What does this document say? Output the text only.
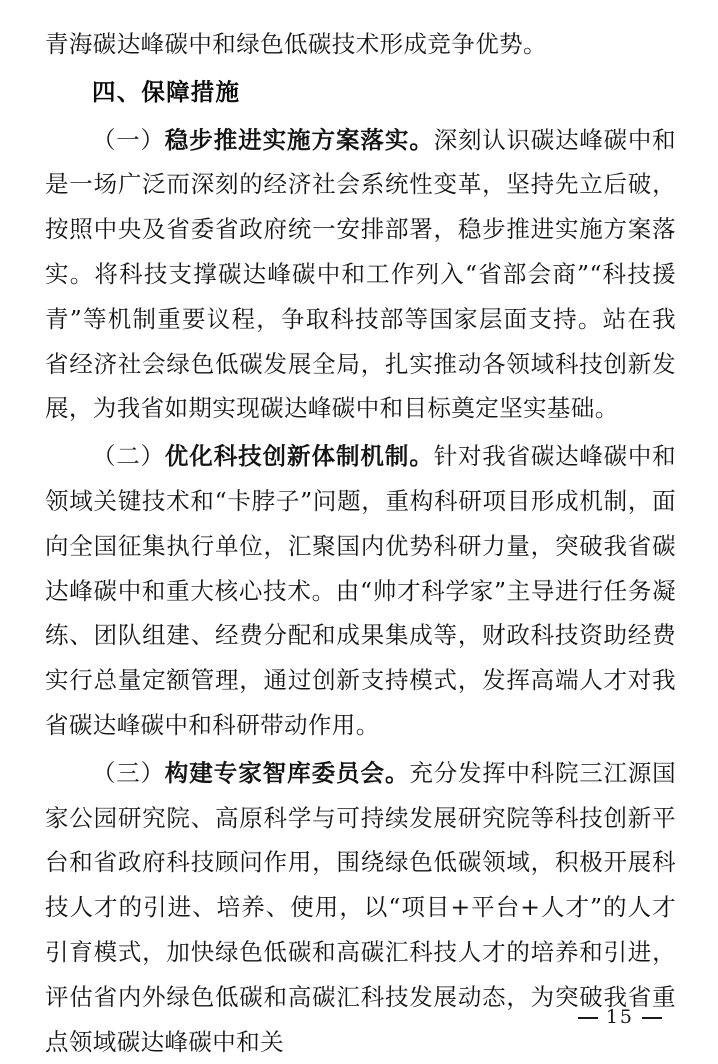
青海碳达峰碳中和绿色低碳技术形成竞争优势。

四、保障措施

（一）稳步推进实施方案落实。深刻认识碳达峰碳中和是一场广泛而深刻的经济社会系统性变革，坚持先立后破，按照中央及省委省政府统一安排部署，稳步推进实施方案落实。将科技支撑碳达峰碳中和工作列入“省部会商”“科技援青”等机制重要议程，争取科技部等国家层面支持。站在我省经济社会绿色低碳发展全局，扎实推动各领域科技创新发展，为我省如期实现碳达峰碳中和目标奠定坚实基础。

（二）优化科技创新体制机制。针对我省碳达峰碳中和领域关键技术和“卡脖子”问题，重构科研项目形成机制，面向全国征集执行单位，汇聚国内优势科研力量，突破我省碳达峰碳中和重大核心技术。由“帅才科学家”主导进行任务凝练、团队组建、经费分配和成果集成等，财政科技资助经费实行总量定额管理，通过创新支持模式，发挥高端人才对我省碳达峰碳中和科研带动作用。

（三）构建专家智库委员会。充分发挥中科院三江源国家公园研究院、高原科学与可持续发展研究院等科技创新平台和省政府科技顾问作用，围绕绿色低碳领域，积极开展科技人才的引进、培养、使用，以“项目+平台+人才”的人才引育模式，加快绿色低碳和高碳汇科技人才的培养和引进，评估省内外绿色低碳和高碳汇科技发展动态，为突破我省重点领域碳达峰碳中和关

15
